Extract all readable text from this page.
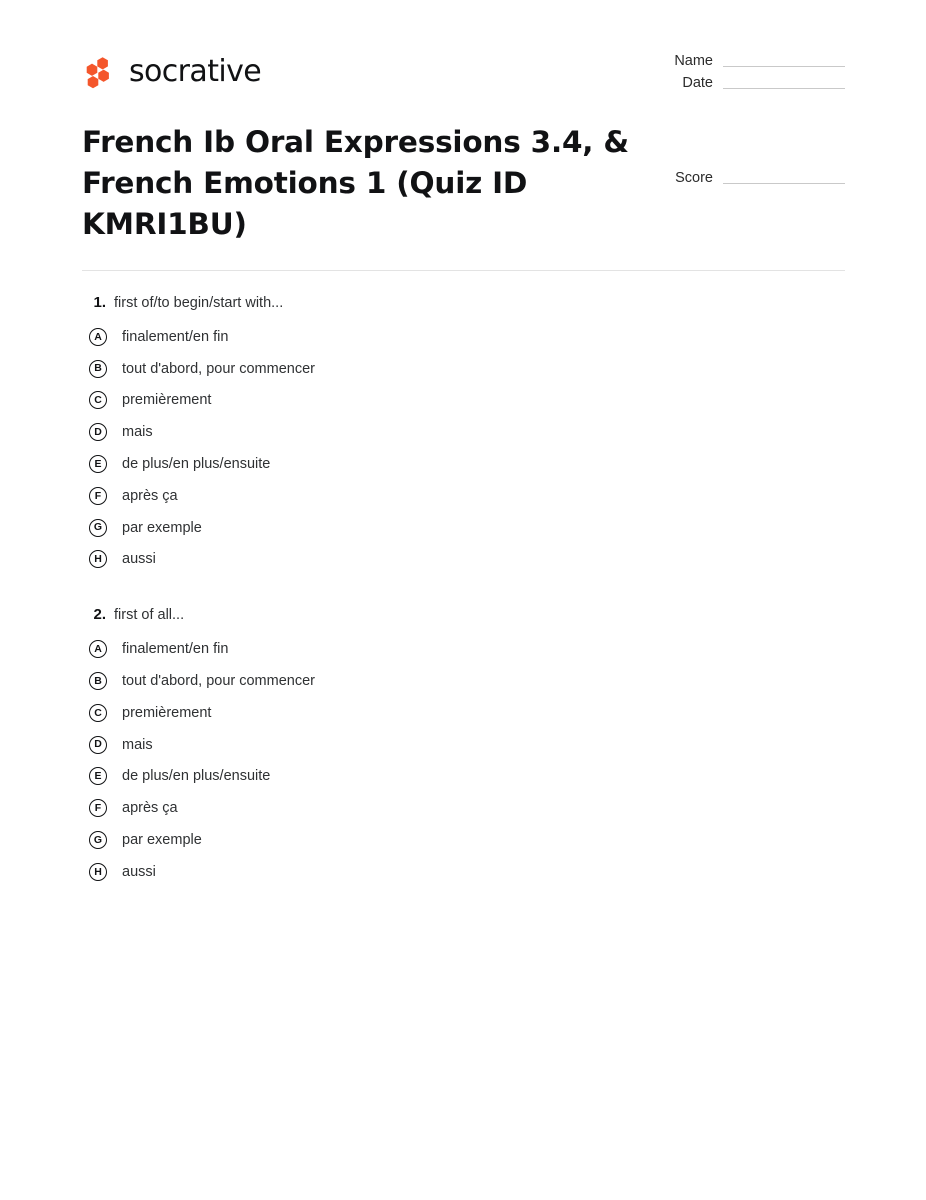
socrative	Name
Date
Score
French Ib Oral Expressions 3.4, & French Emotions 1 (Quiz ID KMRI1BU)
1. first of/to begin/start with...
A	finalement/en fin
B	tout d'abord, pour commencer
C	premièrement
D	mais
E	de plus/en plus/ensuite
F	après ça
G	par exemple
H	aussi
2. first of all...
A	finalement/en fin
B	tout d'abord, pour commencer
C	premièrement
D	mais
E	de plus/en plus/ensuite
F	après ça
G	par exemple
H	aussi
